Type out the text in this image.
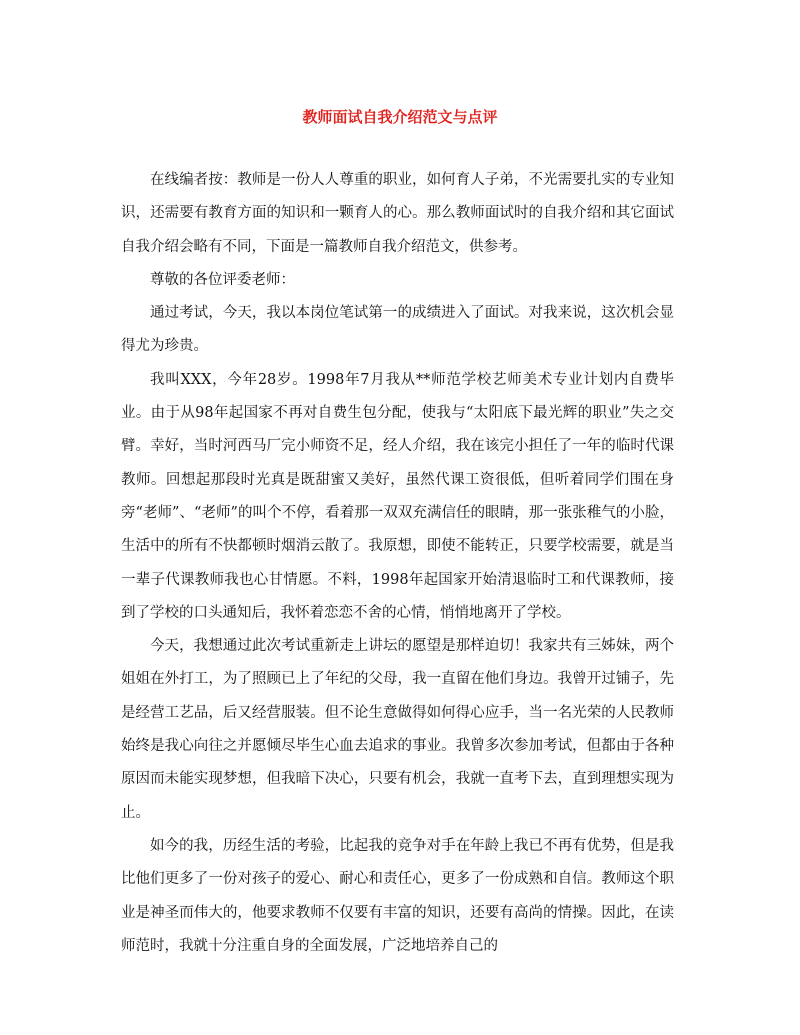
教师面试自我介绍范文与点评

在线编者按：教师是一份人人尊重的职业，如何育人子弟，不光需要扎实的专业知识，还需要有教育方面的知识和一颗育人的心。那么教师面试时的自我介绍和其它面试自我介绍会略有不同，下面是一篇教师自我介绍范文，供参考。

尊敬的各位评委老师：

通过考试，今天，我以本岗位笔试第一的成绩进入了面试。对我来说，这次机会显得尤为珍贵。

我叫XXX，今年28岁。1998年7月我从**师范学校艺师美术专业计划内自费毕业。由于从98年起国家不再对自费生包分配，使我与“太阳底下最光辉的职业”失之交臂。幸好，当时河西马厂完小师资不足，经人介绍，我在该完小担任了一年的临时代课教师。回想起那段时光真是既甜蜜又美好，虽然代课工资很低，但听着同学们围在身旁“老师”、“老师”的叫个不停，看着那一双双充满信任的眼睛，那一张张稚气的小脸，生活中的所有不快都顿时烟消云散了。我原想，即使不能转正，只要学校需要，就是当一辈子代课教师我也心甘情愿。不料，1998年起国家开始清退临时工和代课教师，接到了学校的口头通知后，我怀着恋恋不舍的心情，悄悄地离开了学校。

今天，我想通过此次考试重新走上讲坛的愿望是那样迫切！我家共有三姊妹，两个姐姐在外打工，为了照顾已上了年纪的父母，我一直留在他们身边。我曾开过铺子，先是经营工艺品，后又经营服装。但不论生意做得如何得心应手，当一名光荣的人民教师始终是我心向往之并愿倾尽毕生心血去追求的事业。我曾多次参加考试，但都由于各种原因而未能实现梦想，但我暗下决心，只要有机会，我就一直考下去，直到理想实现为止。

如今的我，历经生活的考验，比起我的竞争对手在年龄上我已不再有优势，但是我比他们更多了一份对孩子的爱心、耐心和责任心，更多了一份成熟和自信。教师这个职业是神圣而伟大的，他要求教师不仅要有丰富的知识，还要有高尚的情操。因此，在读师范时，我就十分注重自身的全面发展，广泛地培养自己的
